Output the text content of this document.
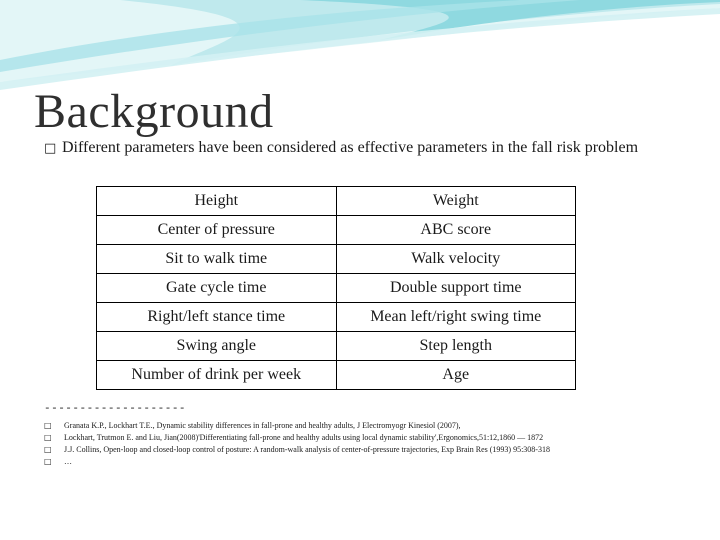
Background
□ Different parameters have been considered as effective parameters in the fall risk problem
Height	Weight
Center of pressure	ABC score
Sit to walk time	Walk velocity
Gate cycle time	Double support time
Right/left stance time	Mean left/right swing time
Swing angle	Step length
Number of drink per week	Age
--------------------
□ Granata K.P., Lockhart T.E., Dynamic stability differences in fall-prone and healthy adults, J Electromyogr Kinesiol (2007),
□ Lockhart, Trutmon E. and Liu, Jian(2008)'Differentiating fall-prone and healthy adults using local dynamic stability',Ergonomics,51:12,1860 — 1872
□ J.J. Collins, Open-loop and closed-loop control of posture: A random-walk analysis of center-of-pressure trajectories, Exp Brain Res (1993) 95:308-318
□ …
